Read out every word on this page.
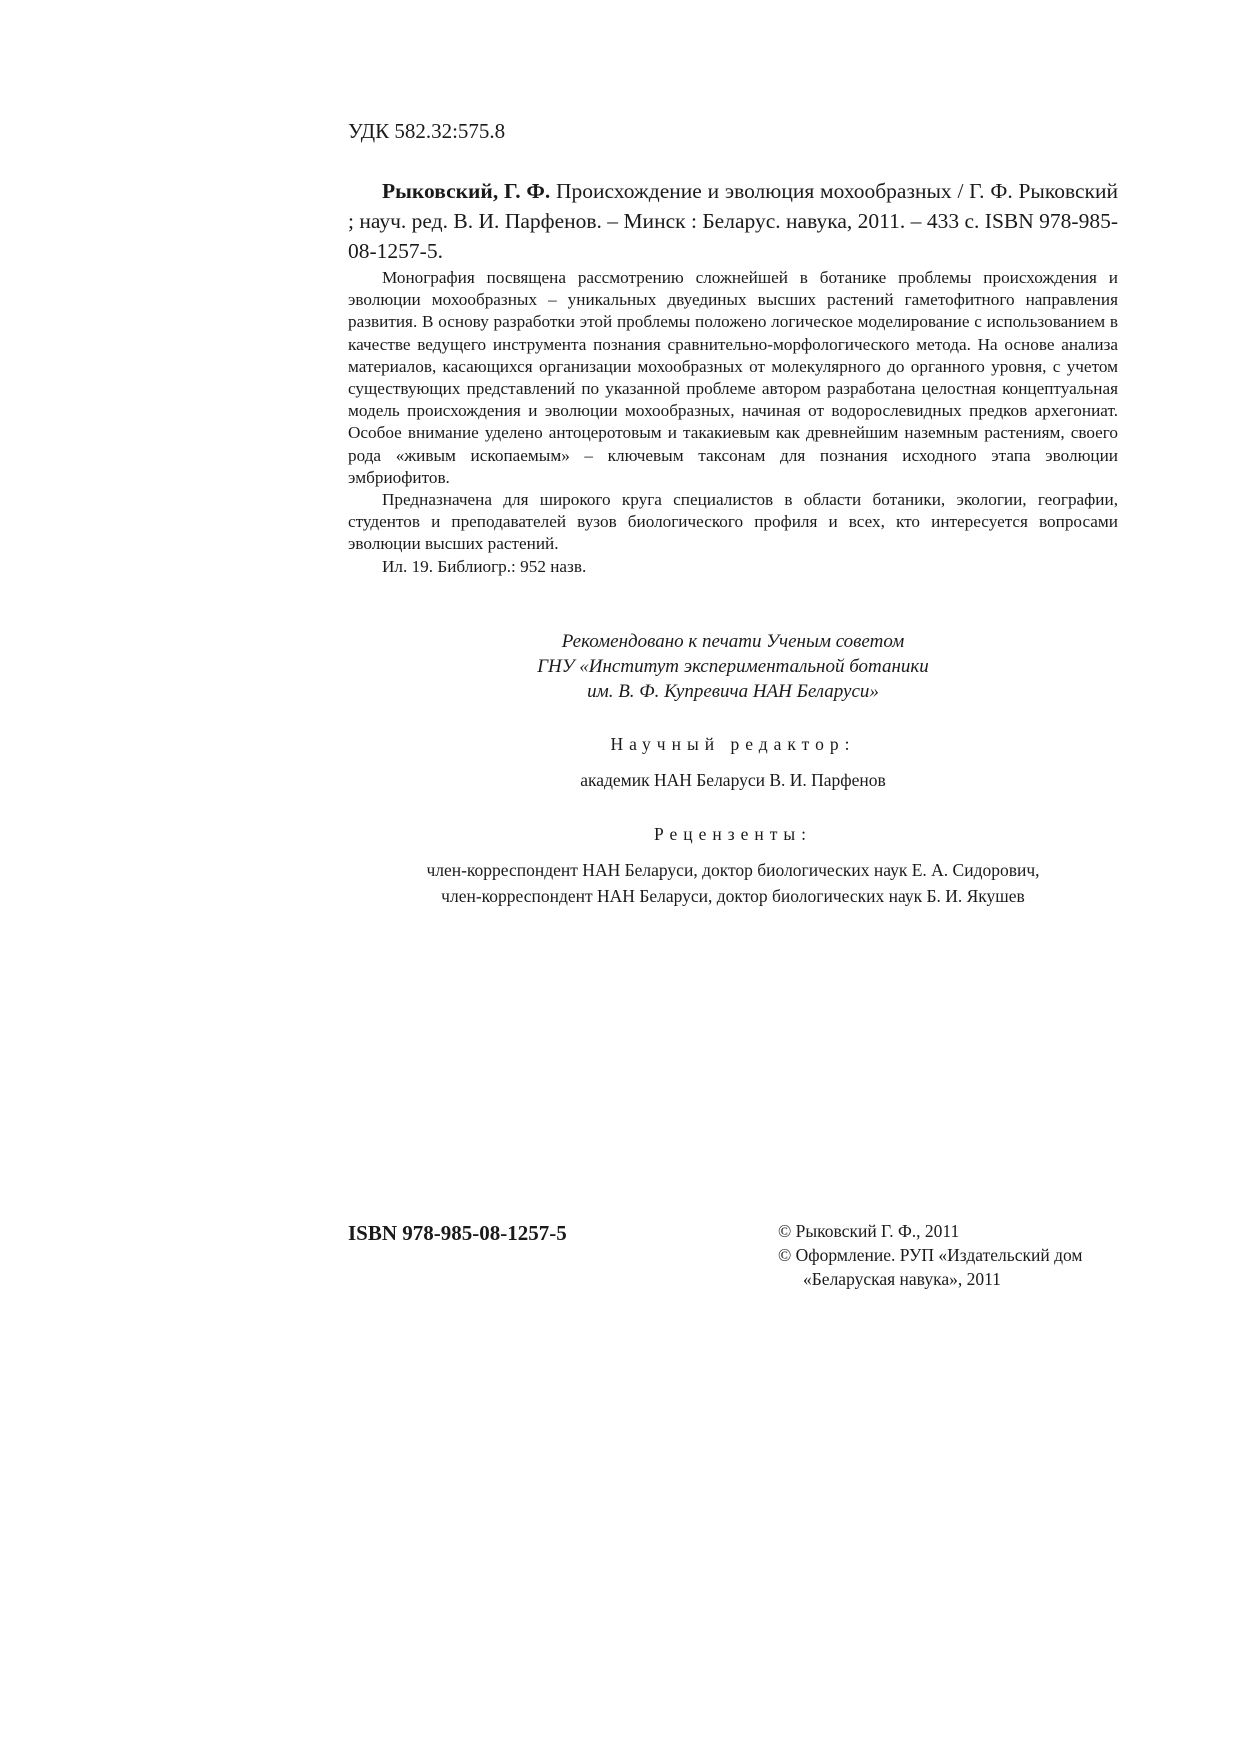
УДК 582.32:575.8
Рыковский, Г. Ф. Происхождение и эволюция мохообразных / Г. Ф. Рыковский ; науч. ред. В. И. Парфенов. – Минск : Беларус. навука, 2011. – 433 с. ISBN 978-985-08-1257-5.

Монография посвящена рассмотрению сложнейшей в ботанике проблемы происхождения и эволюции мохообразных – уникальных двуединых высших растений гаметофитного направления развития. В основу разработки этой проблемы положено логическое моделирование с использованием в качестве ведущего инструмента познания сравнительно-морфологического метода. На основе анализа материалов, касающихся организации мохообразных от молекулярного до органного уровня, с учетом существующих представлений по указанной проблеме автором разработана целостная концептуальная модель происхождения и эволюции мохообразных, начиная от водорослевидных предков архегониат. Особое внимание уделено антоцеротовым и такакиевым как древнейшим наземным растениям, своего рода «живым ископаемым» – ключевым таксонам для познания исходного этапа эволюции эмбриофитов.

Предназначена для широкого круга специалистов в области ботаники, экологии, географии, студентов и преподавателей вузов биологического профиля и всех, кто интересуется вопросами эволюции высших растений.

Ил. 19. Библиогр.: 952 назв.

Рекомендовано к печати Ученым советом
ГНУ «Институт экспериментальной ботаники
им. В. Ф. Купревича НАН Беларуси»
Научный редактор:
академик НАН Беларуси В. И. Парфенов
Рецензенты:
член-корреспондент НАН Беларуси, доктор биологических наук Е. А. Сидорович,
член-корреспондент НАН Беларуси, доктор биологических наук Б. И. Якушев
ISBN 978-985-08-1257-5	© Рыковский Г. Ф., 2011
© Оформление. РУП «Издательский дом
«Беларуская навука», 2011
